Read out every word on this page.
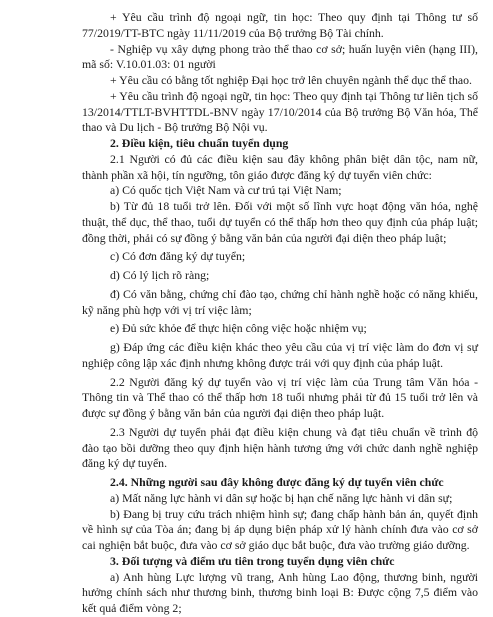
+ Yêu cầu trình độ ngoại ngữ, tin học: Theo quy định tại Thông tư số 77/2019/TT-BTC ngày 11/11/2019 của Bộ trưởng Bộ Tài chính.

- Nghiệp vụ xây dựng phong trào thể thao cơ sở; huấn luyện viên (hạng III), mã số: V.10.01.03: 01 người

+ Yêu cầu có bằng tốt nghiệp Đại học trở lên chuyên ngành thể dục thể thao.

+ Yêu cầu trình độ ngoại ngữ, tin học: Theo quy định tại Thông tư liên tịch số 13/2014/TTLT-BVHTTDL-BNV ngày 17/10/2014 của Bộ trưởng Bộ Văn hóa, Thể thao và Du lịch - Bộ trưởng Bộ Nội vụ.

2. Điều kiện, tiêu chuẩn tuyển dụng

2.1 Người có đủ các điều kiện sau đây không phân biệt dân tộc, nam nữ, thành phần xã hội, tín ngưỡng, tôn giáo được đăng ký dự tuyển viên chức:

a) Có quốc tịch Việt Nam và cư trú tại Việt Nam;

b) Từ đủ 18 tuổi trở lên. Đối với một số lĩnh vực hoạt động văn hóa, nghệ thuật, thể dục, thể thao, tuổi dự tuyển có thể thấp hơn theo quy định của pháp luật; đồng thời, phải có sự đồng ý bằng văn bản của người đại diện theo pháp luật;

c) Có đơn đăng ký dự tuyển;

d) Có lý lịch rõ ràng;

đ) Có văn bằng, chứng chỉ đào tạo, chứng chỉ hành nghề hoặc có năng khiếu, kỹ năng phù hợp với vị trí việc làm;

e) Đủ sức khỏe để thực hiện công việc hoặc nhiệm vụ;

g) Đáp ứng các điều kiện khác theo yêu cầu của vị trí việc làm do đơn vị sự nghiệp công lập xác định nhưng không được trái với quy định của pháp luật.

2.2 Người đăng ký dự tuyển vào vị trí việc làm của Trung tâm Văn hóa - Thông tin và Thể thao có thể thấp hơn 18 tuổi nhưng phải từ đủ 15 tuổi trở lên và được sự đồng ý bằng văn bản của người đại diện theo pháp luật.

2.3 Người dự tuyển phải đạt điều kiện chung và đạt tiêu chuẩn về trình độ đào tạo bồi dưỡng theo quy định hiện hành tương ứng với chức danh nghề nghiệp đăng ký dự tuyển.

2.4. Những người sau đây không được đăng ký dự tuyển viên chức

a) Mất năng lực hành vi dân sự hoặc bị hạn chế năng lực hành vi dân sự;

b) Đang bị truy cứu trách nhiệm hình sự; đang chấp hành bản án, quyết định về hình sự của Tòa án; đang bị áp dụng biện pháp xử lý hành chính đưa vào cơ sở cai nghiện bắt buộc, đưa vào cơ sở giáo dục bắt buộc, đưa vào trường giáo dưỡng.

3. Đối tượng và điểm ưu tiên trong tuyển dụng viên chức

a) Anh hùng Lực lượng vũ trang, Anh hùng Lao động, thương binh, người hưởng chính sách như thương binh, thương binh loại B: Được cộng 7,5 điểm vào kết quả điểm vòng 2;
